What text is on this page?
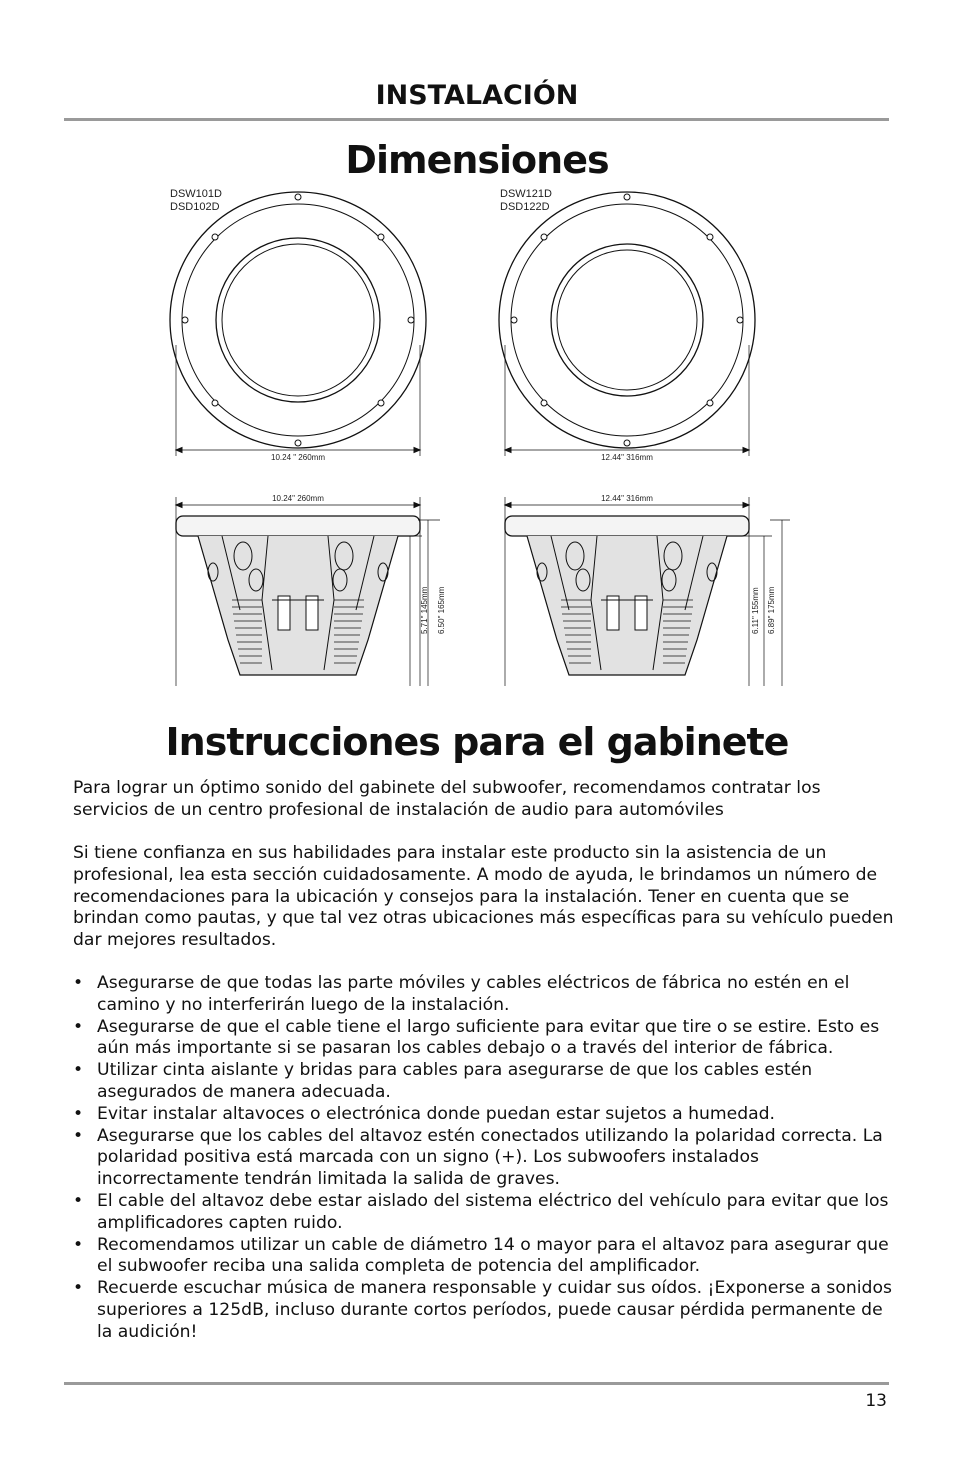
INSTALACIÓN
Dimensiones
DSW101D
DSD102D
DSW121D
DSD122D
10.24 " 260mm	12.44" 316mm
10.24" 260mm
5.71" 145mm 6.50" 165mm
12.44" 316mm
6.11" 155mm 6.89" 175mm
Instrucciones para el gabinete
Para lograr un óptimo sonido del gabinete del subwoofer, recomendamos contratar los servicios de un centro profesional de instalación de audio para automóviles
Si tiene confianza en sus habilidades para instalar este producto sin la asistencia de un profesional, lea esta sección cuidadosamente. A modo de ayuda, le brindamos un número de recomendaciones para la ubicación y consejos para la instalación. Tener en cuenta que se brindan como pautas, y que tal vez otras ubicaciones más específicas para su vehículo pueden dar mejores resultados.
• Asegurarse de que todas las parte móviles y cables eléctricos de fábrica no estén en el camino y no interferirán luego de la instalación.
• Asegurarse de que el cable tiene el largo suficiente para evitar que tire o se estire. Esto es aún más importante si se pasaran los cables debajo o a través del interior de fábrica.
• Utilizar cinta aislante y bridas para cables para asegurarse de que los cables estén asegurados de manera adecuada.
• Evitar instalar altavoces o electrónica donde puedan estar sujetos a humedad.
• Asegurarse que los cables del altavoz estén conectados utilizando la polaridad correcta. La polaridad positiva está marcada con un signo (+). Los subwoofers instalados incorrectamente tendrán limitada la salida de graves.
• El cable del altavoz debe estar aislado del sistema eléctrico del vehículo para evitar que los amplificadores capten ruido.
• Recomendamos utilizar un cable de diámetro 14 o mayor para el altavoz para asegurar que el subwoofer reciba una salida completa de potencia del amplificador.
• Recuerde escuchar música de manera responsable y cuidar sus oídos. ¡Exponerse a sonidos superiores a 125dB, incluso durante cortos períodos, puede causar pérdida permanente de la audición!
13
